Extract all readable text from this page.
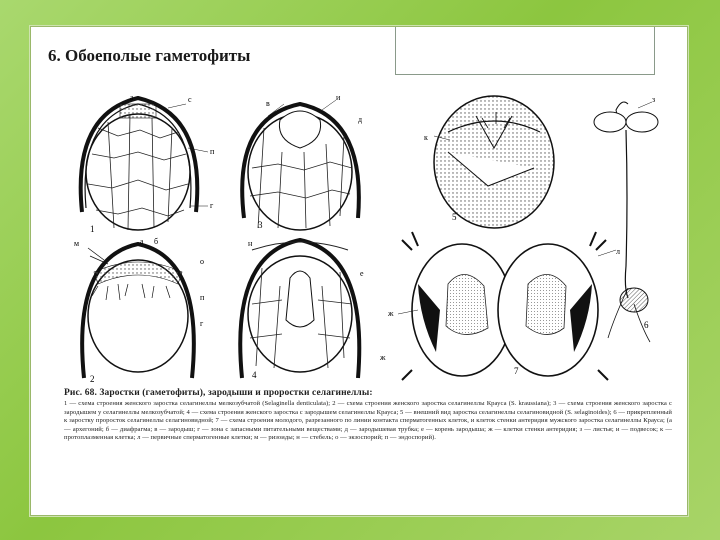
6. Обоеполые гаметофиты
а	с
п
г
1
м	а б
о
п
г
2
в
и
д
3
н
е
4
к
5
ж
л
ж
7
з
6
Рис. 68. Заростки (гаметофиты), зародыши и проростки селагинеллы:
1 — схема строения женского заростка селагинеллы мелкозубчатой (Selaginella denticulata); 2 — схема строения женского заростка селагинеллы Крауса (S. kraussiana); 3 — схема строения женского заростка с зародышем у селагинеллы мелкозубчатой; 4 — схема строения женского заростка с зародышем селагинеллы Крауса; 5 — внешний вид заростка селагинеллы селагиновидной (S. selaginoides); 6 — прикрепленный к заростку проросток селагинеллы селагиновидной; 7 — схема строения молодого, разрезанного по линии контакта сперматогенных клеток, и клеток стенки антеридия мужского заростка селагинеллы Крауса; (а — архегоний; б — диафрагма; в — зародыш; г — зона с запасными питательными веществами; д — зародышевая трубка; е — корень зародыша; ж — клетки стенки антеридия; з — листья; и — подвесок; к — протоплазменная клетка; л — первичные сперматогенные клетки; м — ризоиды; н — стебель; о — экзоспорий; п — эндоспорий).
